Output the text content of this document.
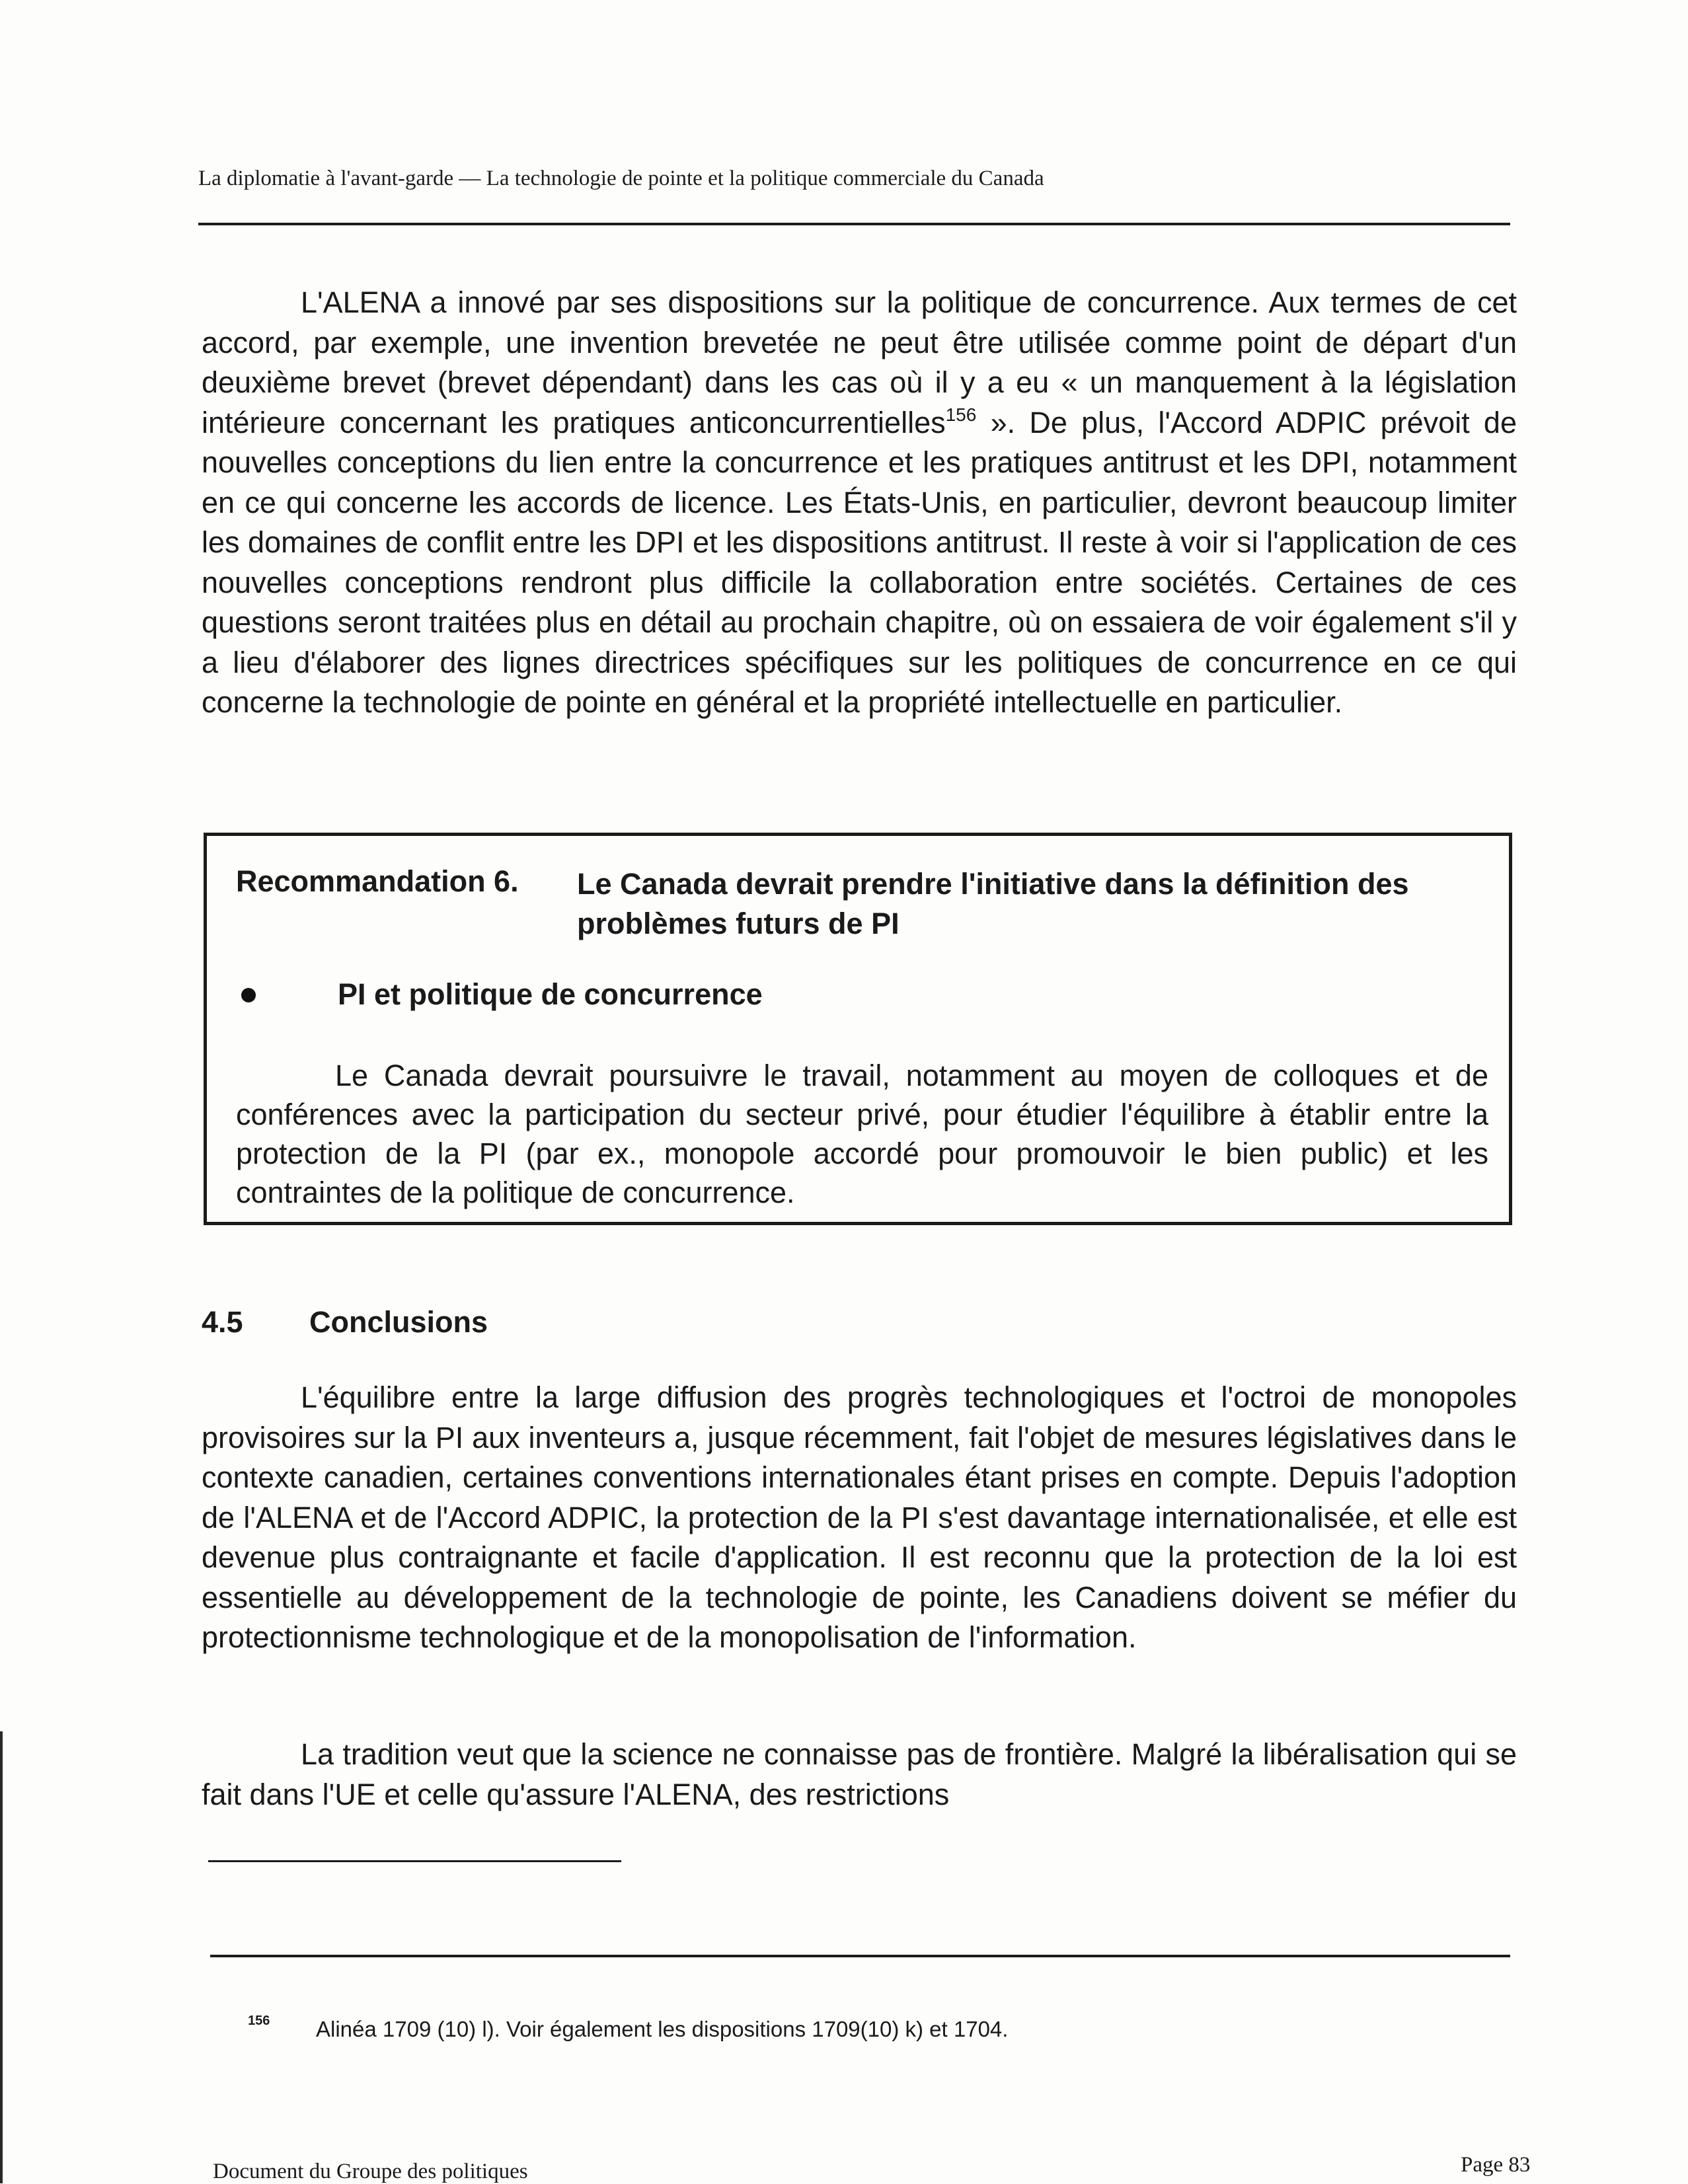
La diplomatie à l'avant-garde — La technologie de pointe et la politique commerciale du Canada

L'ALENA a innové par ses dispositions sur la politique de concurrence. Aux termes de cet accord, par exemple, une invention brevetée ne peut être utilisée comme point de départ d'un deuxième brevet (brevet dépendant) dans les cas où il y a eu « un manquement à la législation intérieure concernant les pratiques anticoncurrentielles$^{156}$ ». De plus, l'Accord ADPIC prévoit de nouvelles conceptions du lien entre la concurrence et les pratiques antitrust et les DPI, notamment en ce qui concerne les accords de licence. Les États-Unis, en particulier, devront beaucoup limiter les domaines de conflit entre les DPI et les dispositions antitrust. Il reste à voir si l'application de ces nouvelles conceptions rendront plus difficile la collaboration entre sociétés. Certaines de ces questions seront traitées plus en détail au prochain chapitre, où on essaiera de voir également s'il y a lieu d'élaborer des lignes directrices spécifiques sur les politiques de concurrence en ce qui concerne la technologie de pointe en général et la propriété intellectuelle en particulier.

Recommandation 6. Le Canada devrait prendre l'initiative dans la définition des problèmes futurs de PI

PI et politique de concurrence

Le Canada devrait poursuivre le travail, notamment au moyen de colloques et de conférences avec la participation du secteur privé, pour étudier l'équilibre à établir entre la protection de la PI (par ex., monopole accordé pour promouvoir le bien public) et les contraintes de la politique de concurrence.

4.5 Conclusions

L'équilibre entre la large diffusion des progrès technologiques et l'octroi de monopoles provisoires sur la PI aux inventeurs a, jusque récemment, fait l'objet de mesures législatives dans le contexte canadien, certaines conventions internationales étant prises en compte. Depuis l'adoption de l'ALENA et de l'Accord ADPIC, la protection de la PI s'est davantage internationalisée, et elle est devenue plus contraignante et facile d'application. Il est reconnu que la protection de la loi est essentielle au développement de la technologie de pointe, les Canadiens doivent se méfier du protectionnisme technologique et de la monopolisation de l'information.

La tradition veut que la science ne connaisse pas de frontière. Malgré la libéralisation qui se fait dans l'UE et celle qu'assure l'ALENA, des restrictions

156 Alinéa 1709 (10) l). Voir également les dispositions 1709(10) k) et 1704.
Document du Groupe des politiques	Page 83
